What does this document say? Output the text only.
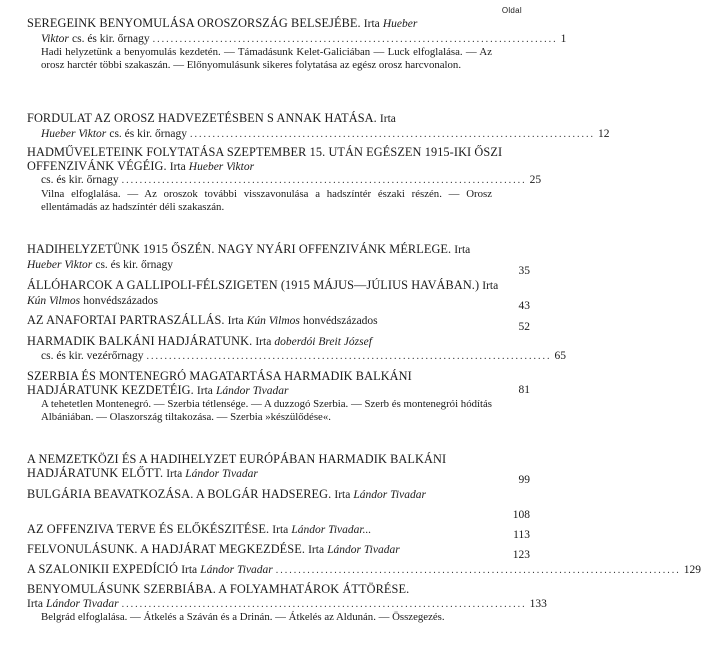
Oldal
SEREGEINK BENYOMULÁSA OROSZORSZÁG BELSEJÉBE. Irta Hueber
Viktor
cs. és kir. őrnagy .......................................................................................... 1
Hadi helyzetünk a benyomulás kezdetén. — Támadásunk Kelet-Galiciában — Luck elfoglalása. — Az orosz harctér többi szakaszán. — Előnyomulásunk sikeres folytatása az egész orosz harcvonalon.
FORDULAT AZ OROSZ HADVEZETÉSBEN S ANNAK HATÁSA. Irta
Hueber Viktor
cs. és kir. őrnagy .......................................................................................... 12
HADMŰVELETEINK FOLYTATÁSA SZEPTEMBER 15. UTÁN EGÉSZEN 1915-IKI ŐSZI OFFENZIVÁNK VÉGÉIG. Irta Hueber Viktor
cs. és kir. őrnagy .......................................................................................... 25
Vilna elfoglalása. — Az oroszok további visszavonulása a hadszíntér északi részén. — Orosz ellentámadás az hadszíntér déli szakaszán.
HADIHELYZETÜNK 1915 ŐSZÉN. NAGY NYÁRI OFFENZIVÁNK MÉRLEGE. Irta Hueber Viktor cs. és kir. őrnagy
35
ÁLLÓHARCOK A GALLIPOLI-FÉLSZIGETEN (1915 MÁJUS—JÚLIUS HAVÁBAN.) Irta Kún Vilmos honvédszázados	43
AZ ANAFORTAI PARTRASZÁLLÁS. Irta Kún Vilmos honvédszázados	52
HARMADIK BALKÁNI HADJÁRATUNK. Irta doberdói Breit József
cs. és kir. vezérőrnagy .......................................................................................... 65
SZERBIA ÉS MONTENEGRÓ MAGATARTÁSA HARMADIK BALKÁNI HADJÁRATUNK KEZDETÉIG. Irta Lándor Tivadar	81
A tehetetlen Montenegró. — Szerbia tétlensége. — A duzzogó Szerbia. — Szerb és montenegrói hódítás Albániában. — Olaszország tiltakozása. — Szerbia »készülődése«.
A NEMZETKÖZI ÉS A HADIHELYZET EURÓPÁBAN HARMADIK BALKÁNI HADJÁRATUNK ELŐTT. Irta Lándor Tivadar
99
BULGÁRIA BEAVATKOZÁSA. A BOLGÁR HADSEREG. Irta Lándor Tivadar
108
AZ OFFENZIVA TERVE ÉS ELŐKÉSZITÉSE. Irta Lándor Tivadar...	113
FELVONULÁSUNK. A HADJÁRAT MEGKEZDÉSE. Irta Lándor Tivadar	123
A SZALONIKII EXPEDÍCIÓ
Irta
Lándor Tivadar .......................................................................................... 129
BENYOMULÁSUNK SZERBIÁBA. A FOLYAMHATÁROK ÁTTÖRÉSE.
Irta
Lándor Tivadar .......................................................................................... 133
Belgrád elfoglalása. — Átkelés a Száván és a Drinán. — Átkelés az Aldunán. — Összegezés.
